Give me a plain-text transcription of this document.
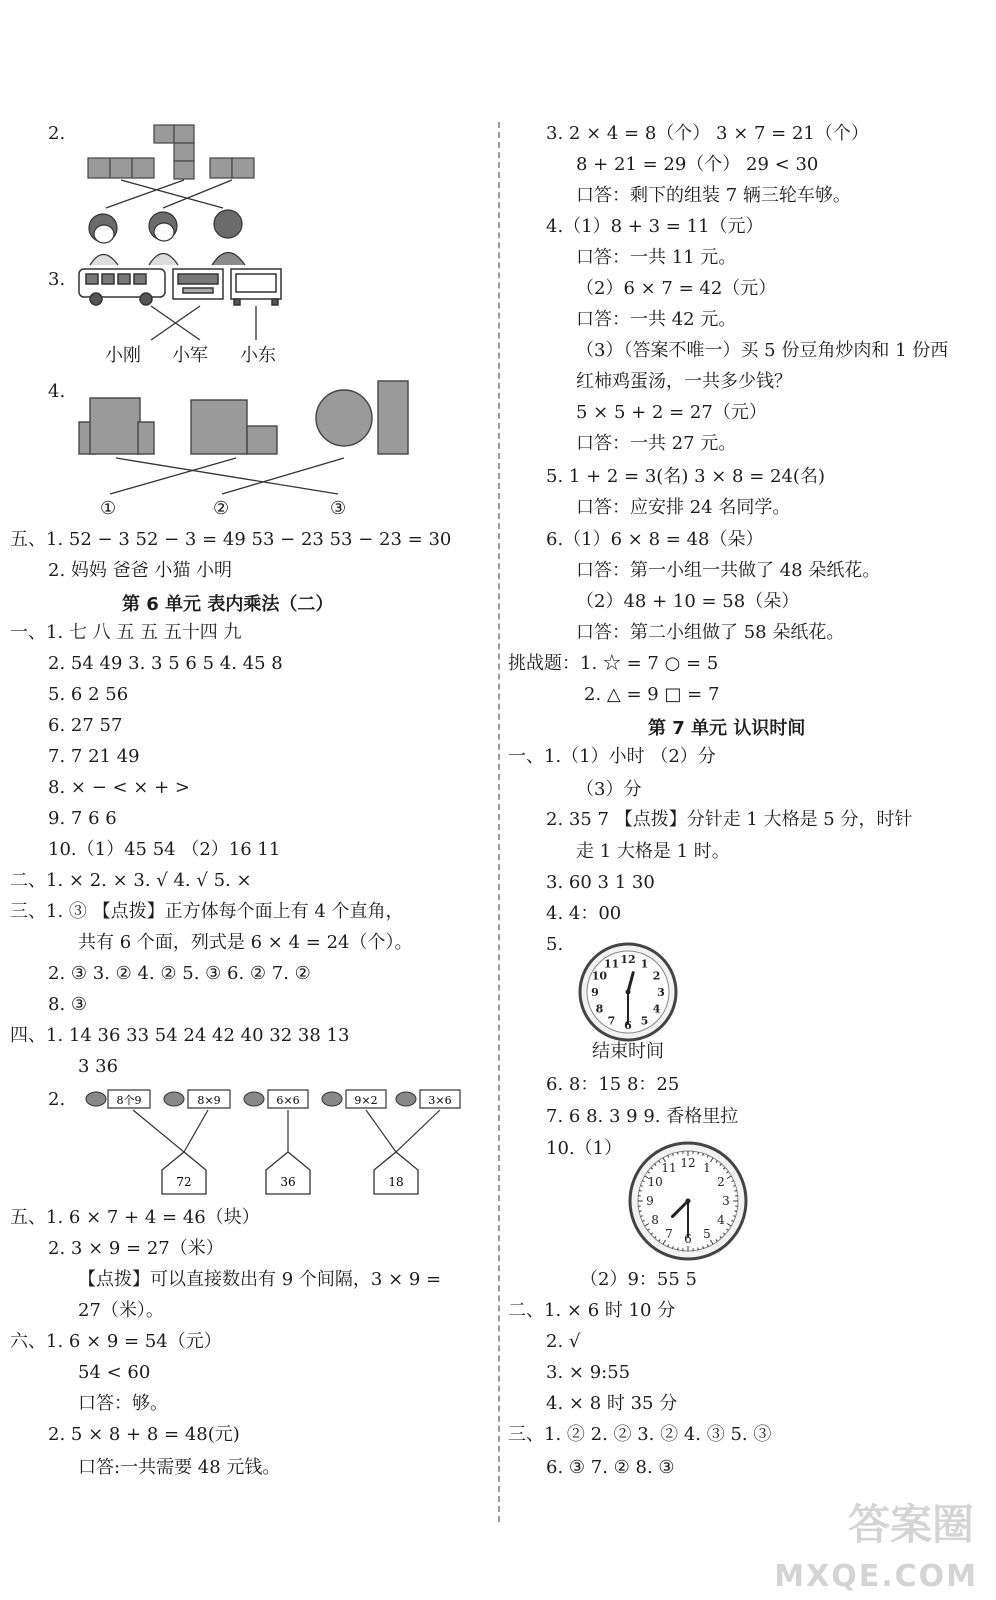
2.
3.
小刚 小军 小东
4.
①	②	③
五、1. 52 − 3 52 − 3 = 49 53 − 23 53 − 23 = 30
2. 妈妈 爸爸 小猫 小明
第 6 单元 表内乘法（二）
一、1. 七 八 五 五 五十四 九
2. 54 49 3. 3 5 6 5 4. 45 8
5. 6 2 56
6. 27 57
7. 7 21 49
8. × − < × + >
9. 7 6 6
10.（1）45 54 （2）16 11
二、1. × 2. × 3. √ 4. √ 5. ×
三、1. ③ 【点拨】正方体每个面上有 4 个直角，
共有 6 个面，列式是 6 × 4 = 24（个）。
2. ③ 3. ② 4. ② 5. ③ 6. ② 7. ②
8. ③
四、1. 14 36 33 54 24 42 40 32 38 13
3 36
2.	8个9	8×9	6×6	9×2	3×6
72	36	18
五、1. 6 × 7 + 4 = 46（块）
2. 3 × 9 = 27（米）
【点拨】可以直接数出有 9 个间隔，3 × 9 =
27（米）。
六、1. 6 × 9 = 54（元）
54 < 60
口答：够。
2. 5 × 8 + 8 = 48(元)
口答:一共需要 48 元钱。
3. 2 × 4 = 8（个） 3 × 7 = 21（个）
8 + 21 = 29（个） 29 < 30
口答：剩下的组装 7 辆三轮车够。
4.（1）8 + 3 = 11（元）
口答：一共 11 元。
（2）6 × 7 = 42（元）
口答：一共 42 元。
（3）（答案不唯一）买 5 份豆角炒肉和 1 份西
红柿鸡蛋汤，一共多少钱？
5 × 5 + 2 = 27（元）
口答：一共 27 元。
5. 1 + 2 = 3(名) 3 × 8 = 24(名)
口答：应安排 24 名同学。
6.（1）6 × 8 = 48（朵）
口答：第一小组一共做了 48 朵纸花。
（2）48 + 10 = 58（朵）
口答：第二小组做了 58 朵纸花。
挑战题：1. ☆ = 7 ○ = 5
2. △ = 9 □ = 7
第 7 单元 认识时间
一、1.（1）小时 （2）分
（3）分
2. 35 7 【点拨】分针走 1 大格是 5 分，时针
走 1 大格是 1 时。
3. 60 3 1 30
4. 4：00
5.
1
2
3
4
5
6
7
8
9
10
11 12
结束时间
6. 8：15 8：25
7. 6 8. 3 9 9. 香格里拉
10.（1）
1
2
3
4
5
6
7
8
9
10
11 12
（2）9：55 5
二、1. × 6 时 10 分
2. √
3. × 9:55
4. × 8 时 35 分
三、1. ② 2. ② 3. ② 4. ③ 5. ③
6. ③ 7. ② 8. ③
答案圈
MXQE.COM
